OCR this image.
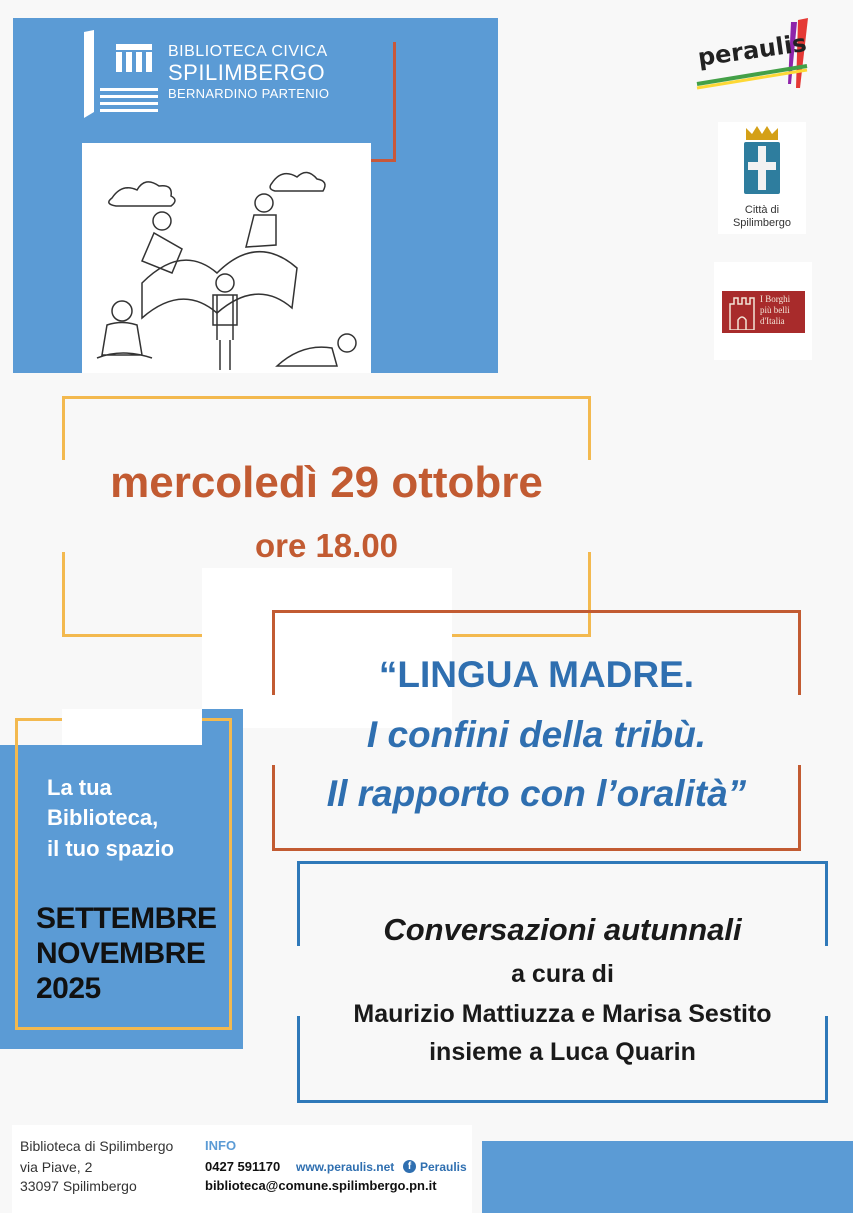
BIBLIOTECA CIVICA
SPILIMBERGO
BERNARDINO PARTENIO
peraulis
Città di
Spilimbergo
I Borghi
più belli
d'Italia
mercoledì 29 ottobre
ore 18.00
La tua
Biblioteca,
il tuo spazio
SETTEMBRE
NOVEMBRE
2025
“LINGUA MADRE.
I confini della tribù.
Il rapporto con l’oralità”
Conversazioni autunnali
a cura di
Maurizio Mattiuzza e Marisa Sestito
insieme a Luca Quarin
Biblioteca di Spilimbergo
via Piave, 2
33097 Spilimbergo
INFO
0427 591170 www.peraulis.net	f Peraulis
biblioteca@comune.spilimbergo.pn.it
